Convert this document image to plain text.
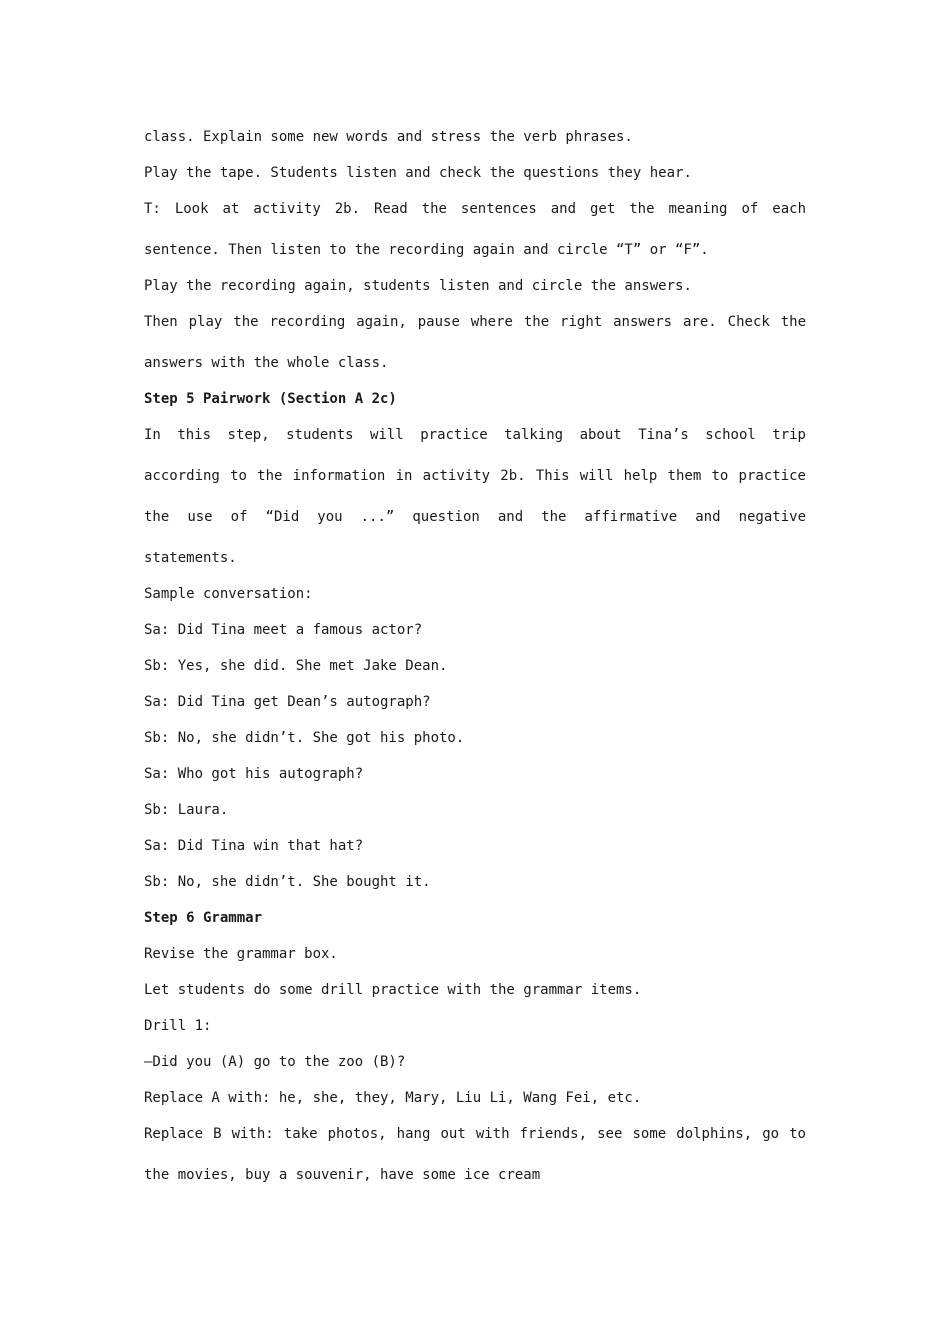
class. Explain some new words and stress the verb phrases.
Play the tape. Students listen and check the questions they hear.
T: Look at activity 2b. Read the sentences and get the meaning of each
sentence. Then listen to the recording again and circle “T” or “F”.
Play the recording again, students listen and circle the answers.
Then play the recording again, pause where the right answers are. Check the
answers with the whole class.
Step 5 Pairwork (Section A 2c)
In this step, students will practice talking about Tina’s school trip
according to the information in activity 2b. This will help them to practice
the use of “Did you ...” question and the affirmative and negative
statements.
Sample conversation:
Sa: Did Tina meet a famous actor?
Sb: Yes, she did. She met Jake Dean.
Sa: Did Tina get Dean’s autograph?
Sb: No, she didn’t. She got his photo.
Sa: Who got his autograph?
Sb: Laura.
Sa: Did Tina win that hat?
Sb: No, she didn’t. She bought it.
Step 6 Grammar
Revise the grammar box.
Let students do some drill practice with the grammar items.
Drill 1:
—Did you (A) go to the zoo (B)?
Replace A with: he, she, they, Mary, Liu Li, Wang Fei, etc.
Replace B with: take photos, hang out with friends, see some dolphins, go to
the movies, buy a souvenir, have some ice cream
